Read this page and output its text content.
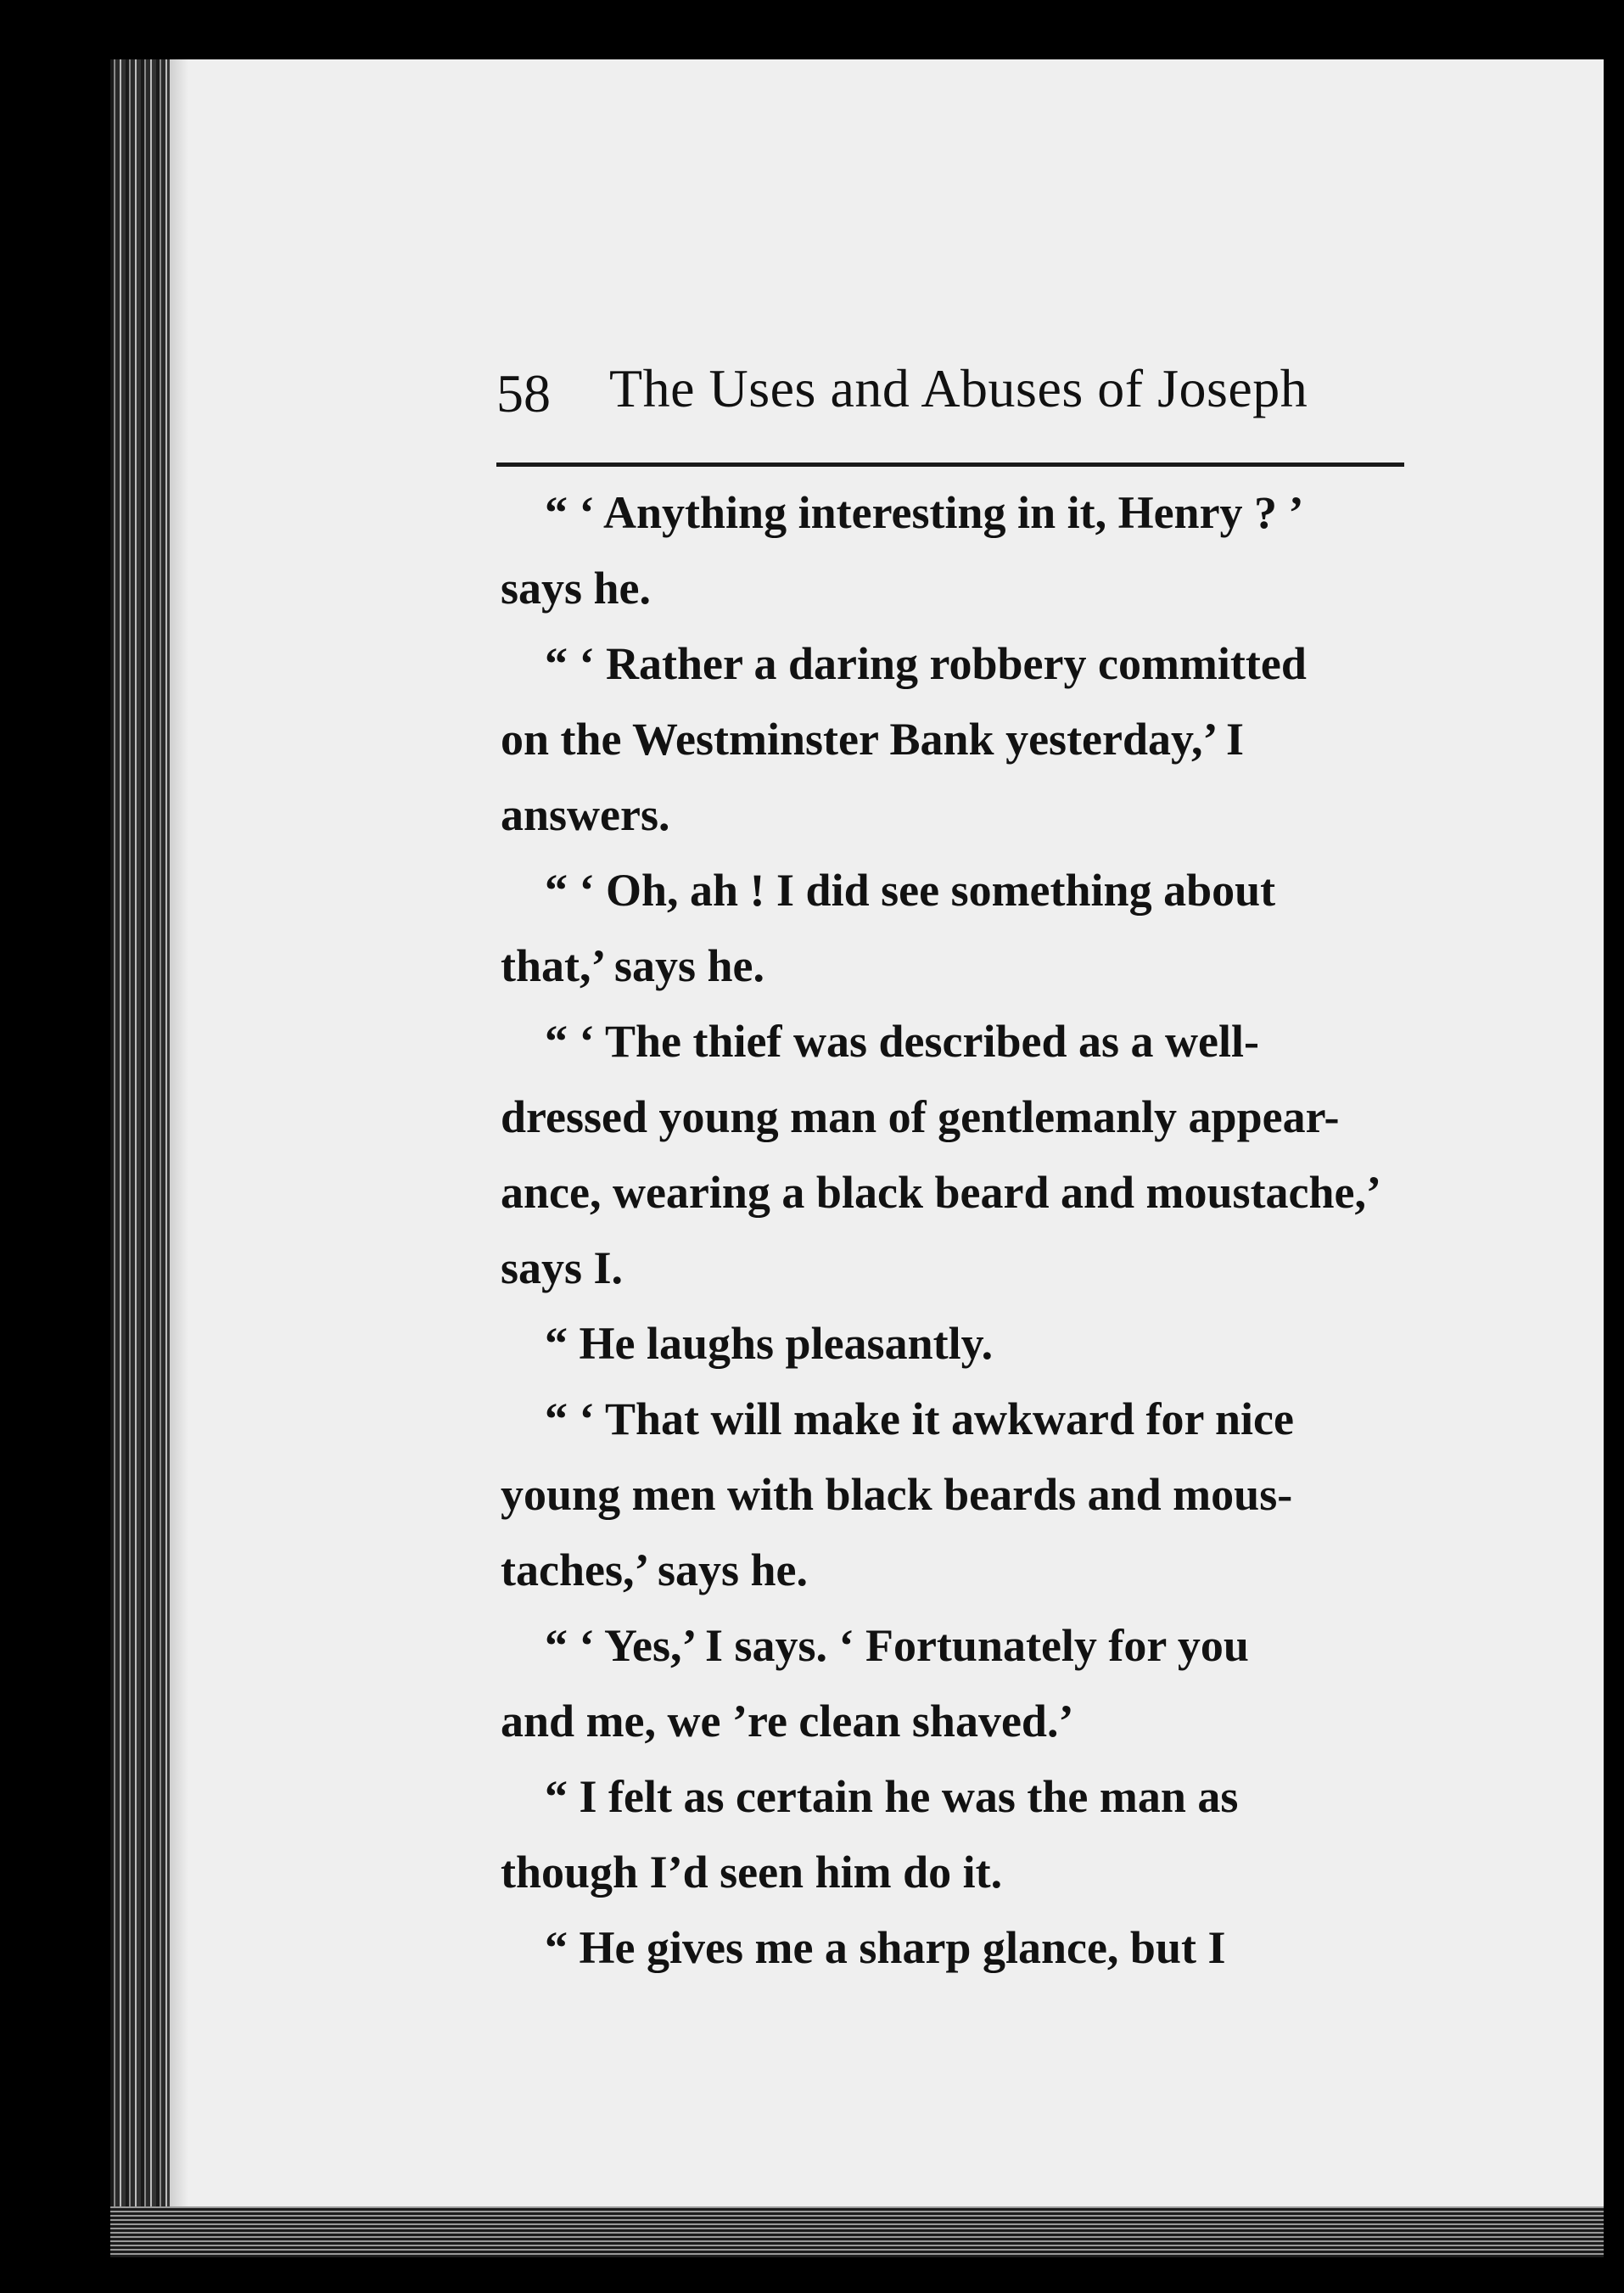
58 The Uses and Abuses of Joseph
“ ‘ Anything interesting in it, Henry ? ’
says he.
“ ‘ Rather a daring robbery committed
on the Westminster Bank yesterday,’ I
answers.
“ ‘ Oh, ah ! I did see something about
that,’ says he.
“ ‘ The thief was described as a well-
dressed young man of gentlemanly appear-
ance, wearing a black beard and moustache,’
says I.
“ He laughs pleasantly.
“ ‘ That will make it awkward for nice
young men with black beards and mous-
taches,’ says he.
“ ‘ Yes,’ I says. ‘ Fortunately for you
and me, we ’re clean shaved.’
“ I felt as certain he was the man as
though I’d seen him do it.
“ He gives me a sharp glance, but I
